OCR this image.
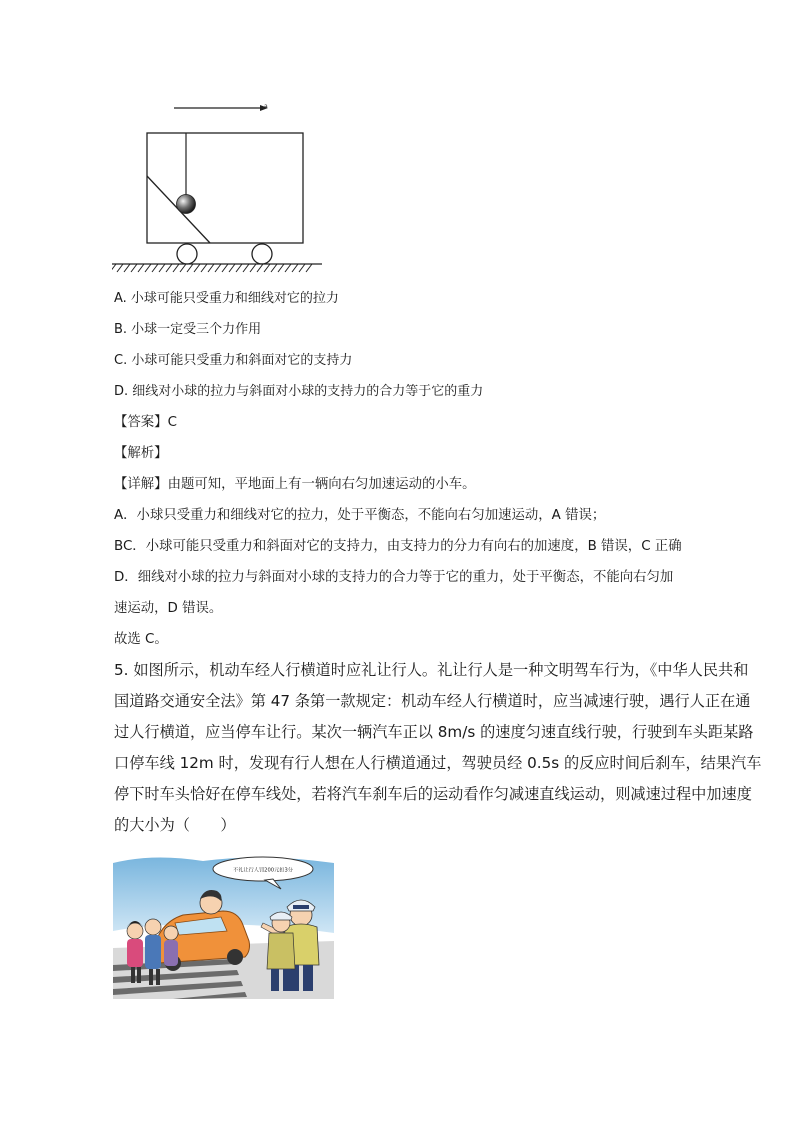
a
A. 小球可能只受重力和细线对它的拉力
B. 小球一定受三个力作用
C. 小球可能只受重力和斜面对它的支持力
D. 细线对小球的拉力与斜面对小球的支持力的合力等于它的重力
【答案】C
【解析】
【详解】由题可知，平地面上有一辆向右匀加速运动的小车。
A．小球只受重力和细线对它的拉力，处于平衡态，不能向右匀加速运动，A 错误；
BC．小球可能只受重力和斜面对它的支持力，由支持力的分力有向右的加速度，B 错误，C 正确
D．细线对小球的拉力与斜面对小球的支持力的合力等于它的重力，处于平衡态，不能向右匀加
速运动，D 错误。
故选 C。
5. 如图所示，机动车经人行横道时应礼让行人。礼让行人是一种文明驾车行为，《中华人民共和
国道路交通安全法》第 47 条第一款规定：机动车经人行横道时，应当减速行驶，遇行人正在通
过人行横道，应当停车让行。某次一辆汽车正以 8m/s 的速度匀速直线行驶，行驶到车头距某路
口停车线 12m 时，发现有行人想在人行横道通过，驾驶员经 0.5s 的反应时间后刹车，结果汽车
停下时车头恰好在停车线处，若将汽车刹车后的运动看作匀减速直线运动，则减速过程中加速度
的大小为（　　）
不礼让行人罚200元扣3分
